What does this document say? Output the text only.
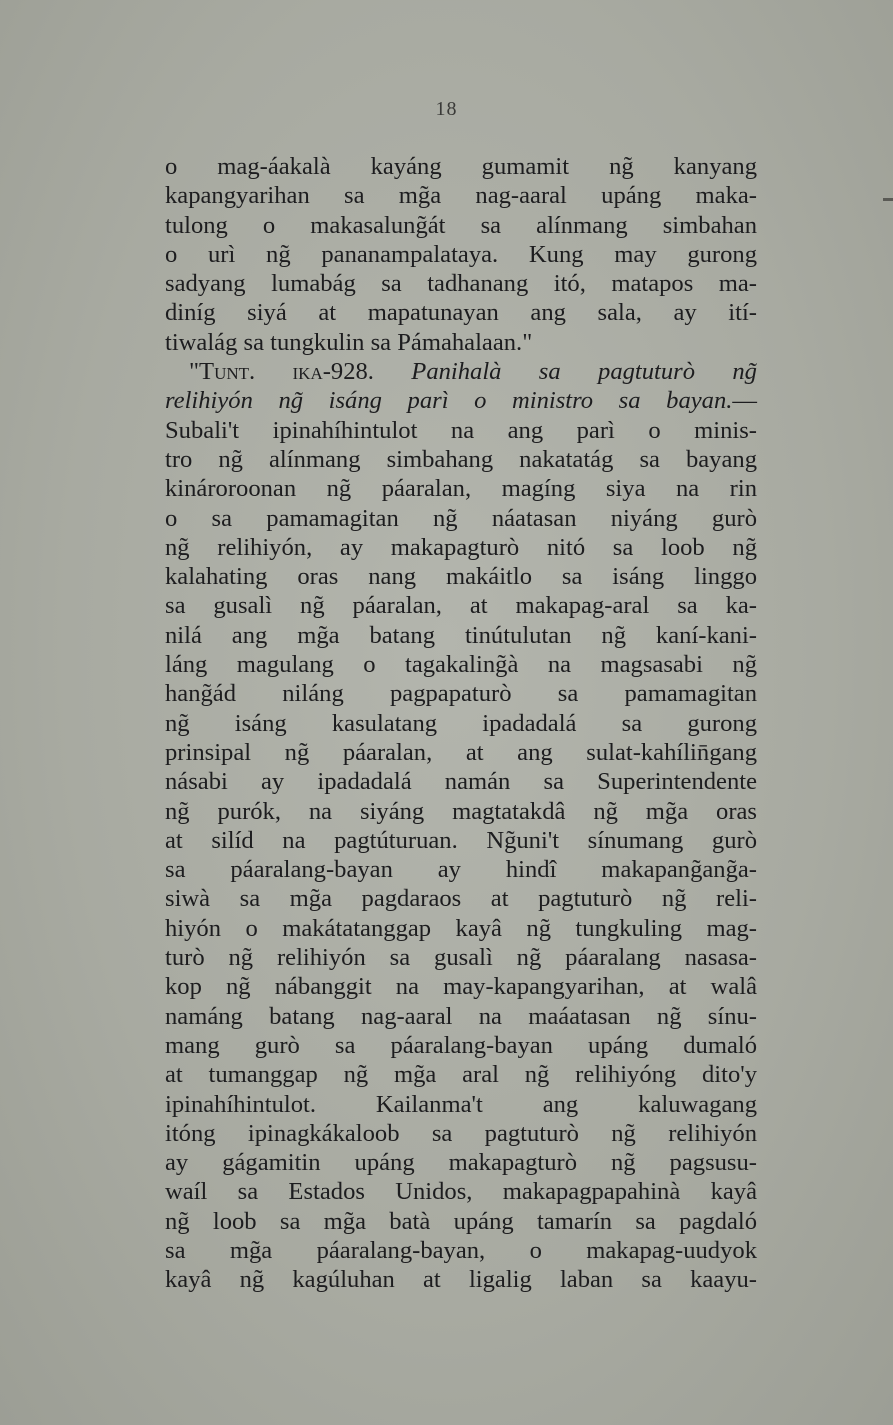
18
o mag-áakalà kayáng gumamit ng̃ kanyang
kapangyarihan sa mg̃a nag-aaral upáng maka-
tulong o makasalung̃át sa alínmang simbahan
o urì ng̃ pananampalataya. Kung may gurong
sadyang lumabág sa tadhanang itó, matapos ma-
diníg siyá at mapatunayan ang sala, ay ití-
tiwalág sa tungkulin sa Pámahalaan."
"Tunt. ika-928. Panihalà sa pagtuturò ng̃
relihiyón ng̃ isáng parì o ministro sa bayan.—
Subali't ipinahíhintulot na ang parì o minis-
tro ng̃ alínmang simbahang nakatatág sa bayang
kinároroonan ng̃ páaralan, magíng siya na rin
o sa pamamagitan ng̃ náatasan niyáng gurò
ng̃ relihiyón, ay makapagturò nitó sa loob ng̃
kalahating oras nang makáitlo sa isáng linggo
sa gusalì ng̃ páaralan, at makapag-aral sa ka-
nilá ang mg̃a batang tinútulutan ng̃ kaní-kani-
láng magulang o tagakaling̃à na magsasabi ng̃
hang̃ád niláng pagpapaturò sa pamamagitan
ng̃ isáng kasulatang ipadadalá sa gurong
prinsipal ng̃ páaralan, at ang sulat-kahílin̄gang
násabi ay ipadadalá namán sa Superintendente
ng̃ purók, na siyáng magtatakdâ ng̃ mg̃a oras
at silíd na pagtúturuan. Ng̃uni't sínumang gurò
sa páaralang-bayan ay hindî makapang̃ang̃a-
siwà sa mg̃a pagdaraos at pagtuturò ng̃ reli-
hiyón o makátatanggap kayâ ng̃ tungkuling mag-
turò ng̃ relihiyón sa gusalì ng̃ páaralang nasasa-
kop ng̃ nábanggit na may-kapangyarihan, at walâ
namáng batang nag-aaral na maáatasan ng̃ sínu-
mang gurò sa páaralang-bayan upáng dumaló
at tumanggap ng̃ mg̃a aral ng̃ relihiyóng dito'y
ipinahíhintulot. Kailanma't ang kaluwagang
itóng ipinagkákaloob sa pagtuturò ng̃ relihiyón
ay gágamitin upáng makapagturò ng̃ pagsusu-
waíl sa Estados Unidos, makapagpapahinà kayâ
ng̃ loob sa mg̃a batà upáng tamarín sa pagdaló
sa mg̃a páaralang-bayan, o makapag-uudyok
kayâ ng̃ kagúluhan at ligalig laban sa kaayu-
